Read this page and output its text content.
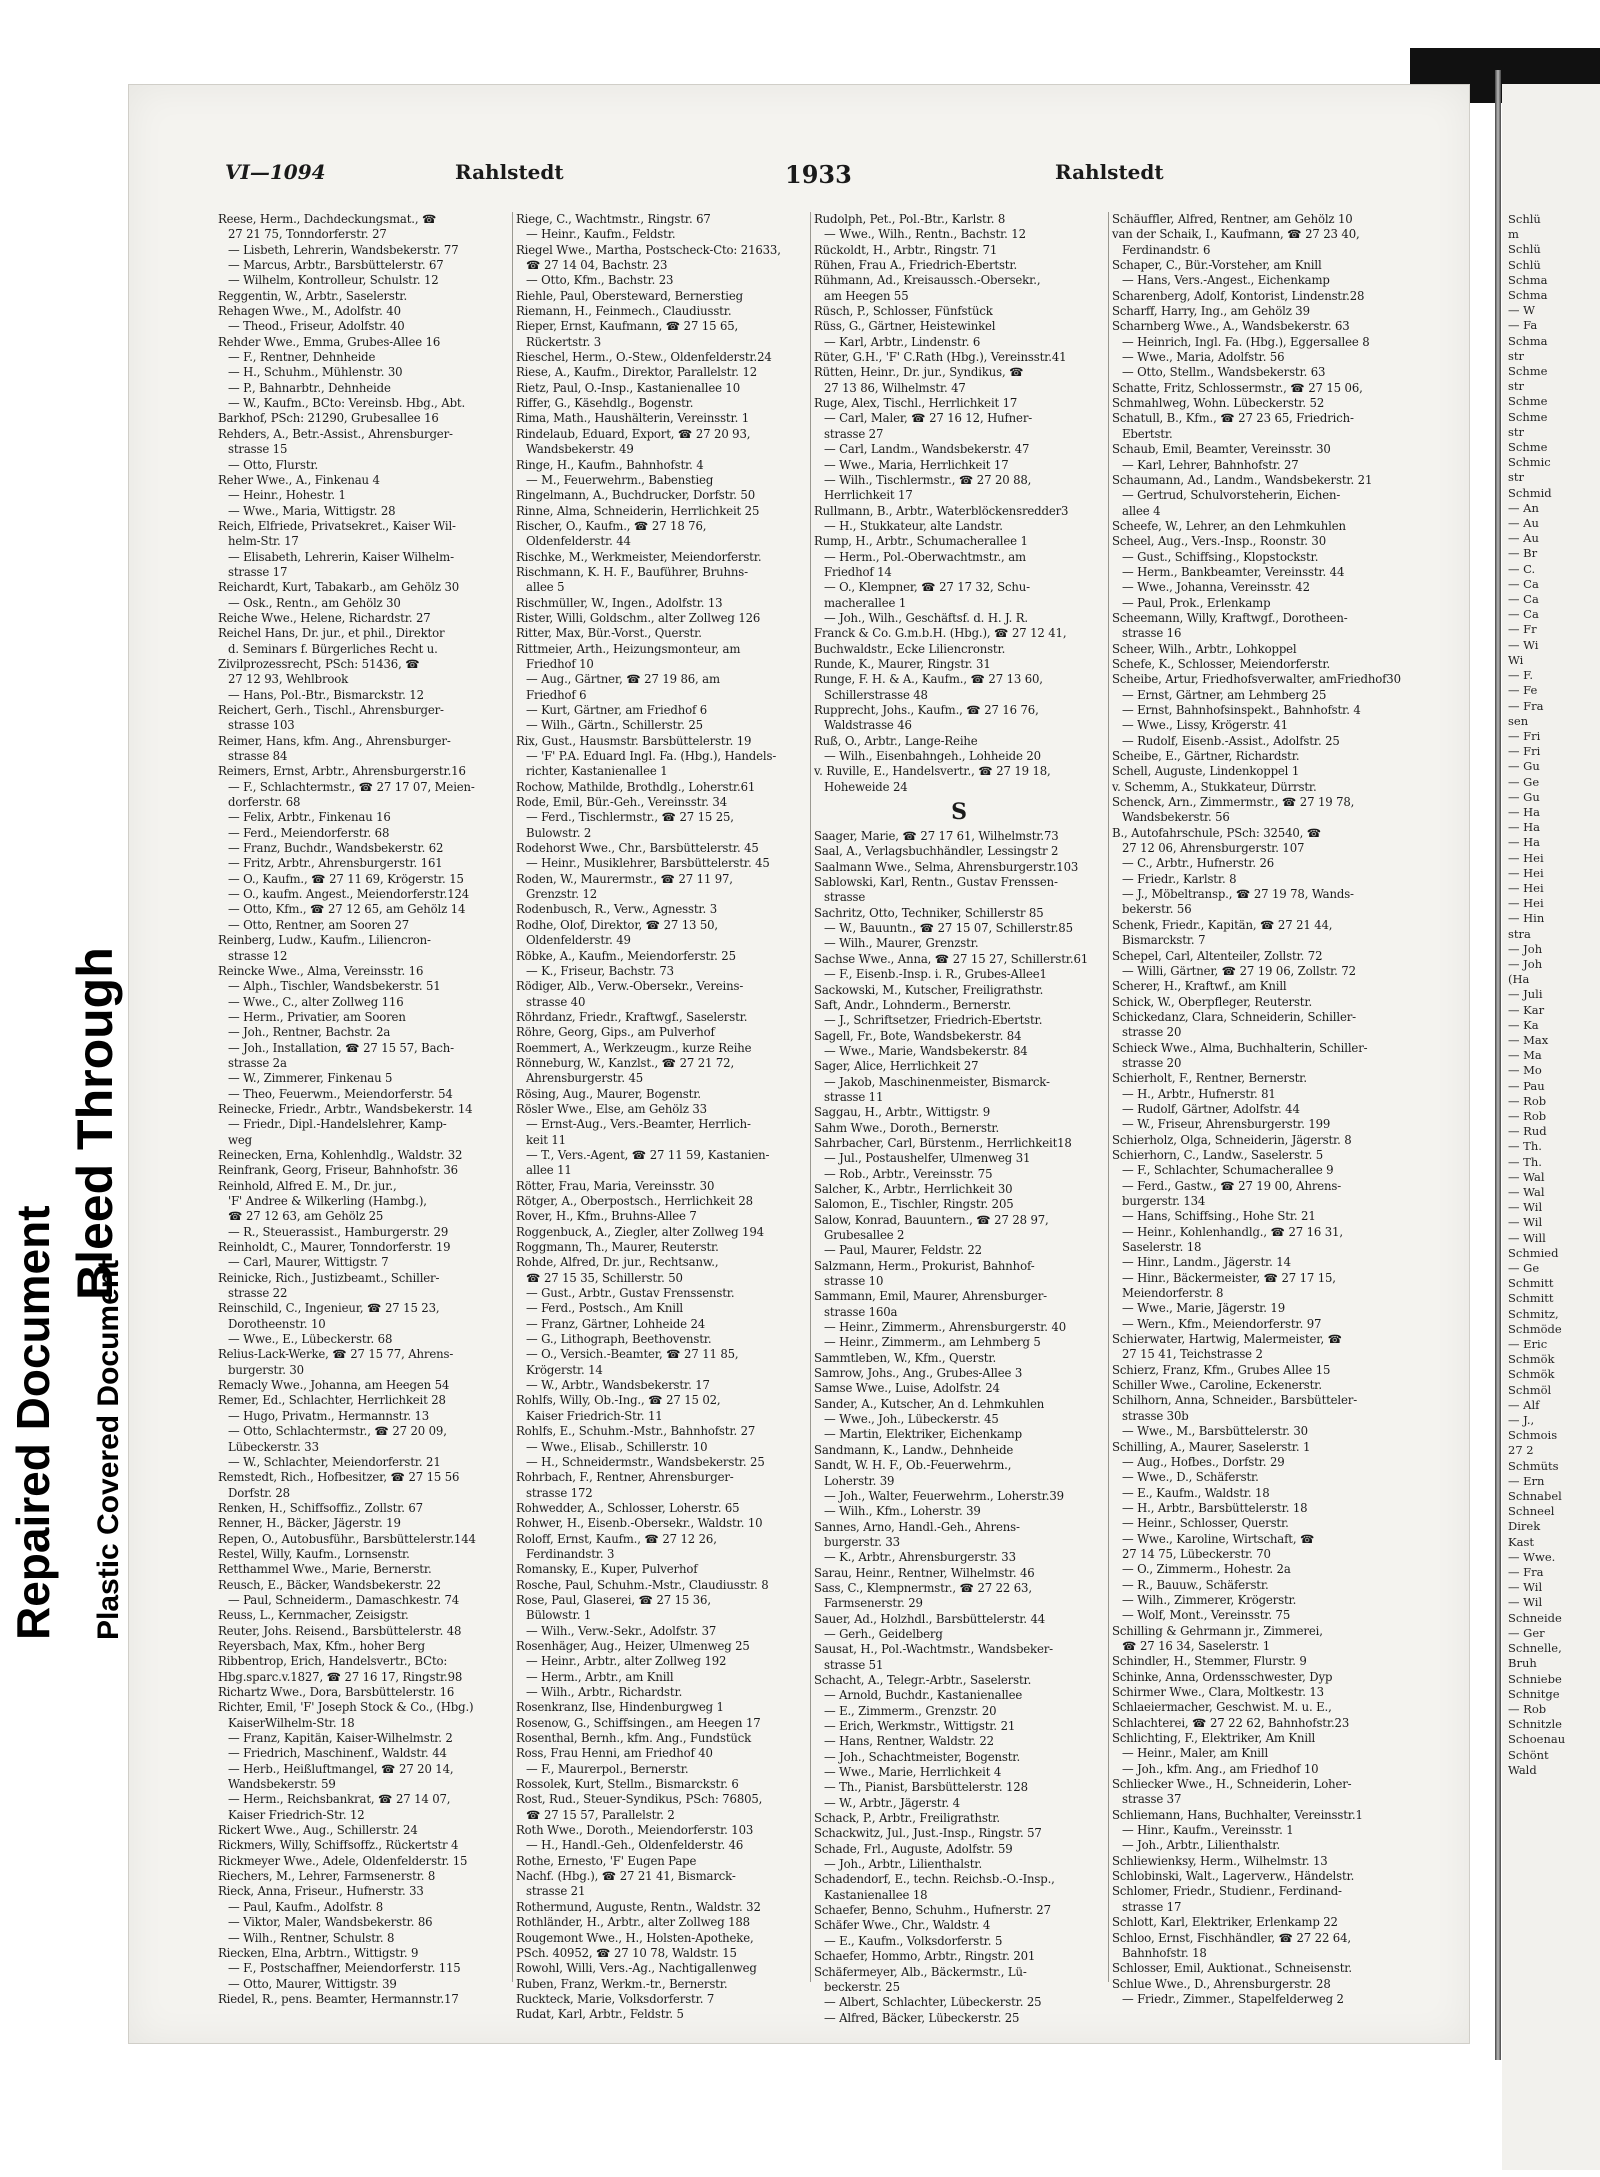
Repaired Document
Bleed Through
Plastic Covered Document
Schlü
m
Schlü
Schlü
Schma
Schma
— W
— Fa
Schma
str
Schme
str
Schme
Schme
str
Schme
Schmic
str
Schmid
— An
— Au
— Au
— Br
— C.
— Ca
— Ca
— Ca
— Fr
— Wi
Wi
— F.
— Fe
— Fra
sen
— Fri
— Fri
— Gu
— Ge
— Gu
— Ha
— Ha
— Ha
— Hei
— Hei
— Hei
— Hei
— Hin
stra
— Joh
— Joh
(Ha
— Juli
— Kar
— Ka
— Max
— Ma
— Mo
— Pau
— Rob
— Rob
— Rud
— Th.
— Th.
— Wal
— Wal
— Wil
— Wil
— Will
Schmied
— Ge
Schmitt
Schmitt
Schmitz,
Schmöde
— Eric
Schmök
Schmök
Schmöl
— Alf
— J.,
Schmois
27 2
Schmüts
— Ern
Schnabel
Schneel
Direk
Kast
— Wwe.
— Fra
— Wil
— Wil
Schneide
— Ger
Schnelle,
Bruh
Schniebe
Schnitge
— Rob
Schnitzle
Schoenau
Schönt
Wald
VI—1094	Rahlstedt	1933	Rahlstedt
Reese, Herm., Dachdeckungsmat., ☎
27 21 75, Tonndorferstr. 27
— Lisbeth, Lehrerin, Wandsbekerstr. 77
— Marcus, Arbtr., Barsbüttelerstr. 67
— Wilhelm, Kontrolleur, Schulstr. 12
Reggentin, W., Arbtr., Saselerstr.
Rehagen Wwe., M., Adolfstr. 40
— Theod., Friseur, Adolfstr. 40
Rehder Wwe., Emma, Grubes-Allee 16
— F., Rentner, Dehnheide
— H., Schuhm., Mühlenstr. 30
— P., Bahnarbtr., Dehnheide
— W., Kaufm., BCto: Vereinsb. Hbg., Abt.
Barkhof, PSch: 21290, Grubesallee 16
Rehders, A., Betr.-Assist., Ahrensburger-
strasse 15
— Otto, Flurstr.
Reher Wwe., A., Finkenau 4
— Heinr., Hohestr. 1
— Wwe., Maria, Wittigstr. 28
Reich, Elfriede, Privatsekret., Kaiser Wil-
helm-Str. 17
— Elisabeth, Lehrerin, Kaiser Wilhelm-
strasse 17
Reichardt, Kurt, Tabakarb., am Gehölz 30
— Osk., Rentn., am Gehölz 30
Reiche Wwe., Helene, Richardstr. 27
Reichel Hans, Dr. jur., et phil., Direktor
d. Seminars f. Bürgerliches Recht u.
Zivilprozessrecht, PSch: 51436, ☎
27 12 93, Wehlbrook
— Hans, Pol.-Btr., Bismarckstr. 12
Reichert, Gerh., Tischl., Ahrensburger-
strasse 103
Reimer, Hans, kfm. Ang., Ahrensburger-
strasse 84
Reimers, Ernst, Arbtr., Ahrensburgerstr.16
— F., Schlachtermstr., ☎ 27 17 07, Meien-
dorferstr. 68
— Felix, Arbtr., Finkenau 16
— Ferd., Meiendorferstr. 68
— Franz, Buchdr., Wandsbekerstr. 62
— Fritz, Arbtr., Ahrensburgerstr. 161
— O., Kaufm., ☎ 27 11 69, Krögerstr. 15
— O., kaufm. Angest., Meiendorferstr.124
— Otto, Kfm., ☎ 27 12 65, am Gehölz 14
— Otto, Rentner, am Sooren 27
Reinberg, Ludw., Kaufm., Liliencron-
strasse 12
Reincke Wwe., Alma, Vereinsstr. 16
— Alph., Tischler, Wandsbekerstr. 51
— Wwe., C., alter Zollweg 116
— Herm., Privatier, am Sooren
— Joh., Rentner, Bachstr. 2a
— Joh., Installation, ☎ 27 15 57, Bach-
strasse 2a
— W., Zimmerer, Finkenau 5
— Theo, Feuerwm., Meiendorferstr. 54
Reinecke, Friedr., Arbtr., Wandsbekerstr. 14
— Friedr., Dipl.-Handelslehrer, Kamp-
weg
Reinecken, Erna, Kohlenhdlg., Waldstr. 32
Reinfrank, Georg, Friseur, Bahnhofstr. 36
Reinhold, Alfred E. M., Dr. jur.,
'F' Andree & Wilkerling (Hambg.),
☎ 27 12 63, am Gehölz 25
— R., Steuerassist., Hamburgerstr. 29
Reinholdt, C., Maurer, Tonndorferstr. 19
— Carl, Maurer, Wittigstr. 7
Reinicke, Rich., Justizbeamt., Schiller-
strasse 22
Reinschild, C., Ingenieur, ☎ 27 15 23,
Dorotheenstr. 10
— Wwe., E., Lübeckerstr. 68
Relius-Lack-Werke, ☎ 27 15 77, Ahrens-
burgerstr. 30
Remacly Wwe., Johanna, am Heegen 54
Remer, Ed., Schlachter, Herrlichkeit 28
— Hugo, Privatm., Hermannstr. 13
— Otto, Schlachtermstr., ☎ 27 20 09,
Lübeckerstr. 33
— W., Schlachter, Meiendorferstr. 21
Remstedt, Rich., Hofbesitzer, ☎ 27 15 56
Dorfstr. 28
Renken, H., Schiffsoffiz., Zollstr. 67
Renner, H., Bäcker, Jägerstr. 19
Repen, O., Autobusführ., Barsbüttelerstr.144
Restel, Willy, Kaufm., Lornsenstr.
Retthammel Wwe., Marie, Bernerstr.
Reusch, E., Bäcker, Wandsbekerstr. 22
— Paul, Schneiderm., Damaschkestr. 74
Reuss, L., Kernmacher, Zeisigstr.
Reuter, Johs. Reisend., Barsbüttelerstr. 48
Reyersbach, Max, Kfm., hoher Berg
Ribbentrop, Erich, Handelsvertr., BCto:
Hbg.sparc.v.1827, ☎ 27 16 17, Ringstr.98
Richartz Wwe., Dora, Barsbüttelerstr. 16
Richter, Emil, 'F' Joseph Stock & Co., (Hbg.)
KaiserWilhelm-Str. 18
— Franz, Kapitän, Kaiser-Wilhelmstr. 2
— Friedrich, Maschinenf., Waldstr. 44
— Herb., Heißluftmangel, ☎ 27 20 14,
Wandsbekerstr. 59
— Herm., Reichsbankrat, ☎ 27 14 07,
Kaiser Friedrich-Str. 12
Rickert Wwe., Aug., Schillerstr. 24
Rickmers, Willy, Schiffsoffz., Rückertstr 4
Rickmeyer Wwe., Adele, Oldenfelderstr. 15
Riechers, M., Lehrer, Farmsenerstr. 8
Rieck, Anna, Friseur., Hufnerstr. 33
— Paul, Kaufm., Adolfstr. 8
— Viktor, Maler, Wandsbekerstr. 86
— Wilh., Rentner, Schulstr. 8
Riecken, Elna, Arbtrn., Wittigstr. 9
— F., Postschaffner, Meiendorferstr. 115
— Otto, Maurer, Wittigstr. 39
Riedel, R., pens. Beamter, Hermannstr.17
Riege, C., Wachtmstr., Ringstr. 67
— Heinr., Kaufm., Feldstr.
Riegel Wwe., Martha, Postscheck-Cto: 21633,
☎ 27 14 04, Bachstr. 23
— Otto, Kfm., Bachstr. 23
Riehle, Paul, Obersteward, Bernerstieg
Riemann, H., Feinmech., Claudiusstr.
Rieper, Ernst, Kaufmann, ☎ 27 15 65,
Rückertstr. 3
Rieschel, Herm., O.-Stew., Oldenfelderstr.24
Riese, A., Kaufm., Direktor, Parallelstr. 12
Rietz, Paul, O.-Insp., Kastanienallee 10
Riffer, G., Käsehdlg., Bogenstr.
Rima, Math., Haushälterin, Vereinsstr. 1
Rindelaub, Eduard, Export, ☎ 27 20 93,
Wandsbekerstr. 49
Ringe, H., Kaufm., Bahnhofstr. 4
— M., Feuerwehrm., Babenstieg
Ringelmann, A., Buchdrucker, Dorfstr. 50
Rinne, Alma, Schneiderin, Herrlichkeit 25
Rischer, O., Kaufm., ☎ 27 18 76,
Oldenfelderstr. 44
Rischke, M., Werkmeister, Meiendorferstr.
Rischmann, K. H. F., Bauführer, Bruhns-
allee 5
Rischmüller, W., Ingen., Adolfstr. 13
Rister, Willi, Goldschm., alter Zollweg 126
Ritter, Max, Bür.-Vorst., Querstr.
Rittmeier, Arth., Heizungsmonteur, am
Friedhof 10
— Aug., Gärtner, ☎ 27 19 86, am
Friedhof 6
— Kurt, Gärtner, am Friedhof 6
— Wilh., Gärtn., Schillerstr. 25
Rix, Gust., Hausmstr. Barsbüttelerstr. 19
— 'F' P.A. Eduard Ingl. Fa. (Hbg.), Handels-
richter, Kastanienallee 1
Rochow, Mathilde, Brothdlg., Loherstr.61
Rode, Emil, Bür.-Geh., Vereinsstr. 34
— Ferd., Tischlermstr., ☎ 27 15 25,
Bulowstr. 2
Rodehorst Wwe., Chr., Barsbüttelerstr. 45
— Heinr., Musiklehrer, Barsbüttelerstr. 45
Roden, W., Maurermstr., ☎ 27 11 97,
Grenzstr. 12
Rodenbusch, R., Verw., Agnesstr. 3
Rodhe, Olof, Direktor, ☎ 27 13 50,
Oldenfelderstr. 49
Röbke, A., Kaufm., Meiendorferstr. 25
— K., Friseur, Bachstr. 73
Rödiger, Alb., Verw.-Obersekr., Vereins-
strasse 40
Röhrdanz, Friedr., Kraftwgf., Saselerstr.
Röhre, Georg, Gips., am Pulverhof
Roemmert, A., Werkzeugm., kurze Reihe
Rönneburg, W., Kanzlst., ☎ 27 21 72,
Ahrensburgerstr. 45
Rösing, Aug., Maurer, Bogenstr.
Rösler Wwe., Else, am Gehölz 33
— Ernst-Aug., Vers.-Beamter, Herrlich-
keit 11
— T., Vers.-Agent, ☎ 27 11 59, Kastanien-
allee 11
Rötter, Frau, Maria, Vereinsstr. 30
Rötger, A., Oberpostsch., Herrlichkeit 28
Rover, H., Kfm., Bruhns-Allee 7
Roggenbuck, A., Ziegler, alter Zollweg 194
Roggmann, Th., Maurer, Reuterstr.
Rohde, Alfred, Dr. jur., Rechtsanw.,
☎ 27 15 35, Schillerstr. 50
— Gust., Arbtr., Gustav Frenssenstr.
— Ferd., Postsch., Am Knill
— Franz, Gärtner, Lohheide 24
— G., Lithograph, Beethovenstr.
— O., Versich.-Beamter, ☎ 27 11 85,
Krögerstr. 14
— W., Arbtr., Wandsbekerstr. 17
Rohlfs, Willy, Ob.-Ing., ☎ 27 15 02,
Kaiser Friedrich-Str. 11
Rohlfs, E., Schuhm.-Mstr., Bahnhofstr. 27
— Wwe., Elisab., Schillerstr. 10
— H., Schneidermstr., Wandsbekerstr. 25
Rohrbach, F., Rentner, Ahrensburger-
strasse 172
Rohwedder, A., Schlosser, Loherstr. 65
Rohwer, H., Eisenb.-Obersekr., Waldstr. 10
Roloff, Ernst, Kaufm., ☎ 27 12 26,
Ferdinandstr. 3
Romansky, E., Kuper, Pulverhof
Rosche, Paul, Schuhm.-Mstr., Claudiusstr. 8
Rose, Paul, Glaserei, ☎ 27 15 36,
Bülowstr. 1
— Wilh., Verw.-Sekr., Adolfstr. 37
Rosenhäger, Aug., Heizer, Ulmenweg 25
— Heinr., Arbtr., alter Zollweg 192
— Herm., Arbtr., am Knill
— Wilh., Arbtr., Richardstr.
Rosenkranz, Ilse, Hindenburgweg 1
Rosenow, G., Schiffsingen., am Heegen 17
Rosenthal, Bernh., kfm. Ang., Fundstück
Ross, Frau Henni, am Friedhof 40
— F., Maurerpol., Bernerstr.
Rossolek, Kurt, Stellm., Bismarckstr. 6
Rost, Rud., Steuer-Syndikus, PSch: 76805,
☎ 27 15 57, Parallelstr. 2
Roth Wwe., Doroth., Meiendorferstr. 103
— H., Handl.-Geh., Oldenfelderstr. 46
Rothe, Ernesto, 'F' Eugen Pape
Nachf. (Hbg.), ☎ 27 21 41, Bismarck-
strasse 21
Rothermund, Auguste, Rentn., Waldstr. 32
Rothländer, H., Arbtr., alter Zollweg 188
Rougemont Wwe., H., Holsten-Apotheke,
PSch. 40952, ☎ 27 10 78, Waldstr. 15
Rowohl, Willi, Vers.-Ag., Nachtigallenweg
Ruben, Franz, Werkm.-tr., Bernerstr.
Ruckteck, Marie, Volksdorferstr. 7
Rudat, Karl, Arbtr., Feldstr. 5
Rudolph, Pet., Pol.-Btr., Karlstr. 8
— Wwe., Wilh., Rentn., Bachstr. 12
Rückoldt, H., Arbtr., Ringstr. 71
Rühen, Frau A., Friedrich-Ebertstr.
Rühmann, Ad., Kreisaussch.-Obersekr.,
am Heegen 55
Rüsch, P., Schlosser, Fünfstück
Rüss, G., Gärtner, Heistewinkel
— Karl, Arbtr., Lindenstr. 6
Rüter, G.H., 'F' C.Rath (Hbg.), Vereinsstr.41
Rütten, Heinr., Dr. jur., Syndikus, ☎
27 13 86, Wilhelmstr. 47
Ruge, Alex, Tischl., Herrlichkeit 17
— Carl, Maler, ☎ 27 16 12, Hufner-
strasse 27
— Carl, Landm., Wandsbekerstr. 47
— Wwe., Maria, Herrlichkeit 17
— Wilh., Tischlermstr., ☎ 27 20 88,
Herrlichkeit 17
Rullmann, B., Arbtr., Waterblöckensredder3
— H., Stukkateur, alte Landstr.
Rump, H., Arbtr., Schumacherallee 1
— Herm., Pol.-Oberwachtmstr., am
Friedhof 14
— O., Klempner, ☎ 27 17 32, Schu-
macherallee 1
— Joh., Wilh., Geschäftsf. d. H. J. R.
Franck & Co. G.m.b.H. (Hbg.), ☎ 27 12 41,
Buchwaldstr., Ecke Liliencronstr.
Runde, K., Maurer, Ringstr. 31
Runge, F. H. & A., Kaufm., ☎ 27 13 60,
Schillerstrasse 48
Rupprecht, Johs., Kaufm., ☎ 27 16 76,
Waldstrasse 46
Ruß, O., Arbtr., Lange-Reihe
— Wilh., Eisenbahngeh., Lohheide 20
v. Ruville, E., Handelsvertr., ☎ 27 19 18,
Hoheweide 24
S
Saager, Marie, ☎ 27 17 61, Wilhelmstr.73
Saal, A., Verlagsbuchhändler, Lessingstr 2
Saalmann Wwe., Selma, Ahrensburgerstr.103
Sablowski, Karl, Rentn., Gustav Frenssen-
strasse
Sachritz, Otto, Techniker, Schillerstr 85
— W., Bauuntn., ☎ 27 15 07, Schillerstr.85
— Wilh., Maurer, Grenzstr.
Sachse Wwe., Anna, ☎ 27 15 27, Schillerstr.61
— F., Eisenb.-Insp. i. R., Grubes-Allee1
Sackowski, M., Kutscher, Freiligrathstr.
Saft, Andr., Lohnderm., Bernerstr.
— J., Schriftsetzer, Friedrich-Ebertstr.
Sagell, Fr., Bote, Wandsbekerstr. 84
— Wwe., Marie, Wandsbekerstr. 84
Sager, Alice, Herrlichkeit 27
— Jakob, Maschinenmeister, Bismarck-
strasse 11
Saggau, H., Arbtr., Wittigstr. 9
Sahm Wwe., Doroth., Bernerstr.
Sahrbacher, Carl, Bürstenm., Herrlichkeit18
— Jul., Postaushelfer, Ulmenweg 31
— Rob., Arbtr., Vereinsstr. 75
Salcher, K., Arbtr., Herrlichkeit 30
Salomon, E., Tischler, Ringstr. 205
Salow, Konrad, Bauuntern., ☎ 27 28 97,
Grubesallee 2
— Paul, Maurer, Feldstr. 22
Salzmann, Herm., Prokurist, Bahnhof-
strasse 10
Sammann, Emil, Maurer, Ahrensburger-
strasse 160a
— Heinr., Zimmerm., Ahrensburgerstr. 40
— Heinr., Zimmerm., am Lehmberg 5
Sammtleben, W., Kfm., Querstr.
Samrow, Johs., Ang., Grubes-Allee 3
Samse Wwe., Luise, Adolfstr. 24
Sander, A., Kutscher, An d. Lehmkuhlen
— Wwe., Joh., Lübeckerstr. 45
— Martin, Elektriker, Eichenkamp
Sandmann, K., Landw., Dehnheide
Sandt, W. H. F., Ob.-Feuerwehrm.,
Loherstr. 39
— Joh., Walter, Feuerwehrm., Loherstr.39
— Wilh., Kfm., Loherstr. 39
Sannes, Arno, Handl.-Geh., Ahrens-
burgerstr. 33
— K., Arbtr., Ahrensburgerstr. 33
Sarau, Heinr., Rentner, Wilhelmstr. 46
Sass, C., Klempnermstr., ☎ 27 22 63,
Farmsenerstr. 29
Sauer, Ad., Holzhdl., Barsbüttelerstr. 44
— Gerh., Geidelberg
Sausat, H., Pol.-Wachtmstr., Wandsbeker-
strasse 51
Schacht, A., Telegr.-Arbtr., Saselerstr.
— Arnold, Buchdr., Kastanienallee
— E., Zimmerm., Grenzstr. 20
— Erich, Werkmstr., Wittigstr. 21
— Hans, Rentner, Waldstr. 22
— Joh., Schachtmeister, Bogenstr.
— Wwe., Marie, Herrlichkeit 4
— Th., Pianist, Barsbüttelerstr. 128
— W., Arbtr., Jägerstr. 4
Schack, P., Arbtr., Freiligrathstr.
Schackwitz, Jul., Just.-Insp., Ringstr. 57
Schade, Frl., Auguste, Adolfstr. 59
— Joh., Arbtr., Lilienthalstr.
Schadendorf, E., techn. Reichsb.-O.-Insp.,
Kastanienallee 18
Schaefer, Benno, Schuhm., Hufnerstr. 27
Schäfer Wwe., Chr., Waldstr. 4
— E., Kaufm., Volksdorferstr. 5
Schaefer, Hommo, Arbtr., Ringstr. 201
Schäfermeyer, Alb., Bäckermstr., Lü-
beckerstr. 25
— Albert, Schlachter, Lübeckerstr. 25
— Alfred, Bäcker, Lübeckerstr. 25
Schäuffler, Alfred, Rentner, am Gehölz 10
van der Schaik, I., Kaufmann, ☎ 27 23 40,
Ferdinandstr. 6
Schaper, C., Bür.-Vorsteher, am Knill
— Hans, Vers.-Angest., Eichenkamp
Scharenberg, Adolf, Kontorist, Lindenstr.28
Scharff, Harry, Ing., am Gehölz 39
Scharnberg Wwe., A., Wandsbekerstr. 63
— Heinrich, Ingl. Fa. (Hbg.), Eggersallee 8
— Wwe., Maria, Adolfstr. 56
— Otto, Stellm., Wandsbekerstr. 63
Schatte, Fritz, Schlossermstr., ☎ 27 15 06,
Schmahlweg, Wohn. Lübeckerstr. 52
Schatull, B., Kfm., ☎ 27 23 65, Friedrich-
Ebertstr.
Schaub, Emil, Beamter, Vereinsstr. 30
— Karl, Lehrer, Bahnhofstr. 27
Schaumann, Ad., Landm., Wandsbekerstr. 21
— Gertrud, Schulvorsteherin, Eichen-
allee 4
Scheefe, W., Lehrer, an den Lehmkuhlen
Scheel, Aug., Vers.-Insp., Roonstr. 30
— Gust., Schiffsing., Klopstockstr.
— Herm., Bankbeamter, Vereinsstr. 44
— Wwe., Johanna, Vereinsstr. 42
— Paul, Prok., Erlenkamp
Scheemann, Willy, Kraftwgf., Dorotheen-
strasse 16
Scheer, Wilh., Arbtr., Lohkoppel
Schefe, K., Schlosser, Meiendorferstr.
Scheibe, Artur, Friedhofsverwalter, amFriedhof30
— Ernst, Gärtner, am Lehmberg 25
— Ernst, Bahnhofsinspekt., Bahnhofstr. 4
— Wwe., Lissy, Krögerstr. 41
— Rudolf, Eisenb.-Assist., Adolfstr. 25
Scheibe, E., Gärtner, Richardstr.
Schell, Auguste, Lindenkoppel 1
v. Schemm, A., Stukkateur, Dürrstr.
Schenck, Arn., Zimmermstr., ☎ 27 19 78,
Wandsbekerstr. 56
B., Autofahrschule, PSch: 32540, ☎
27 12 06, Ahrensburgerstr. 107
— C., Arbtr., Hufnerstr. 26
— Friedr., Karlstr. 8
— J., Möbeltransp., ☎ 27 19 78, Wands-
bekerstr. 56
Schenk, Friedr., Kapitän, ☎ 27 21 44,
Bismarckstr. 7
Schepel, Carl, Altenteiler, Zollstr. 72
— Willi, Gärtner, ☎ 27 19 06, Zollstr. 72
Scherer, H., Kraftwf., am Knill
Schick, W., Oberpfleger, Reuterstr.
Schickedanz, Clara, Schneiderin, Schiller-
strasse 20
Schieck Wwe., Alma, Buchhalterin, Schiller-
strasse 20
Schierholt, F., Rentner, Bernerstr.
— H., Arbtr., Hufnerstr. 81
— Rudolf, Gärtner, Adolfstr. 44
— W., Friseur, Ahrensburgerstr. 199
Schierholz, Olga, Schneiderin, Jägerstr. 8
Schierhorn, C., Landw., Saselerstr. 5
— F., Schlachter, Schumacherallee 9
— Ferd., Gastw., ☎ 27 19 00, Ahrens-
burgerstr. 134
— Hans, Schiffsing., Hohe Str. 21
— Heinr., Kohlenhandlg., ☎ 27 16 31,
Saselerstr. 18
— Hinr., Landm., Jägerstr. 14
— Hinr., Bäckermeister, ☎ 27 17 15,
Meiendorferstr. 8
— Wwe., Marie, Jägerstr. 19
— Wern., Kfm., Meiendorferstr. 97
Schierwater, Hartwig, Malermeister, ☎
27 15 41, Teichstrasse 2
Schierz, Franz, Kfm., Grubes Allee 15
Schiller Wwe., Caroline, Eckenerstr.
Schilhorn, Anna, Schneider., Barsbütteler-
strasse 30b
— Wwe., M., Barsbüttelerstr. 30
Schilling, A., Maurer, Saselerstr. 1
— Aug., Hofbes., Dorfstr. 29
— Wwe., D., Schäferstr.
— E., Kaufm., Waldstr. 18
— H., Arbtr., Barsbüttelerstr. 18
— Heinr., Schlosser, Querstr.
— Wwe., Karoline, Wirtschaft, ☎
27 14 75, Lübeckerstr. 70
— O., Zimmerm., Hohestr. 2a
— R., Bauuw., Schäferstr.
— Wilh., Zimmerer, Krögerstr.
— Wolf, Mont., Vereinsstr. 75
Schilling & Gehrmann jr., Zimmerei,
☎ 27 16 34, Saselerstr. 1
Schindler, H., Stemmer, Flurstr. 9
Schinke, Anna, Ordensschwester, Dyp
Schirmer Wwe., Clara, Moltkestr. 13
Schlaeiermacher, Geschwist. M. u. E.,
Schlachterei, ☎ 27 22 62, Bahnhofstr.23
Schlichting, F., Elektriker, Am Knill
— Heinr., Maler, am Knill
— Joh., kfm. Ang., am Friedhof 10
Schliecker Wwe., H., Schneiderin, Loher-
strasse 37
Schliemann, Hans, Buchhalter, Vereinsstr.1
— Hinr., Kaufm., Vereinsstr. 1
— Joh., Arbtr., Lilienthalstr.
Schliewienksy, Herm., Wilhelmstr. 13
Schlobinski, Walt., Lagerverw., Händelstr.
Schlomer, Friedr., Studienr., Ferdinand-
strasse 17
Schlott, Karl, Elektriker, Erlenkamp 22
Schloo, Ernst, Fischhändler, ☎ 27 22 64,
Bahnhofstr. 18
Schlosser, Emil, Auktionat., Schneisenstr.
Schlue Wwe., D., Ahrensburgerstr. 28
— Friedr., Zimmer., Stapelfelderweg 2
